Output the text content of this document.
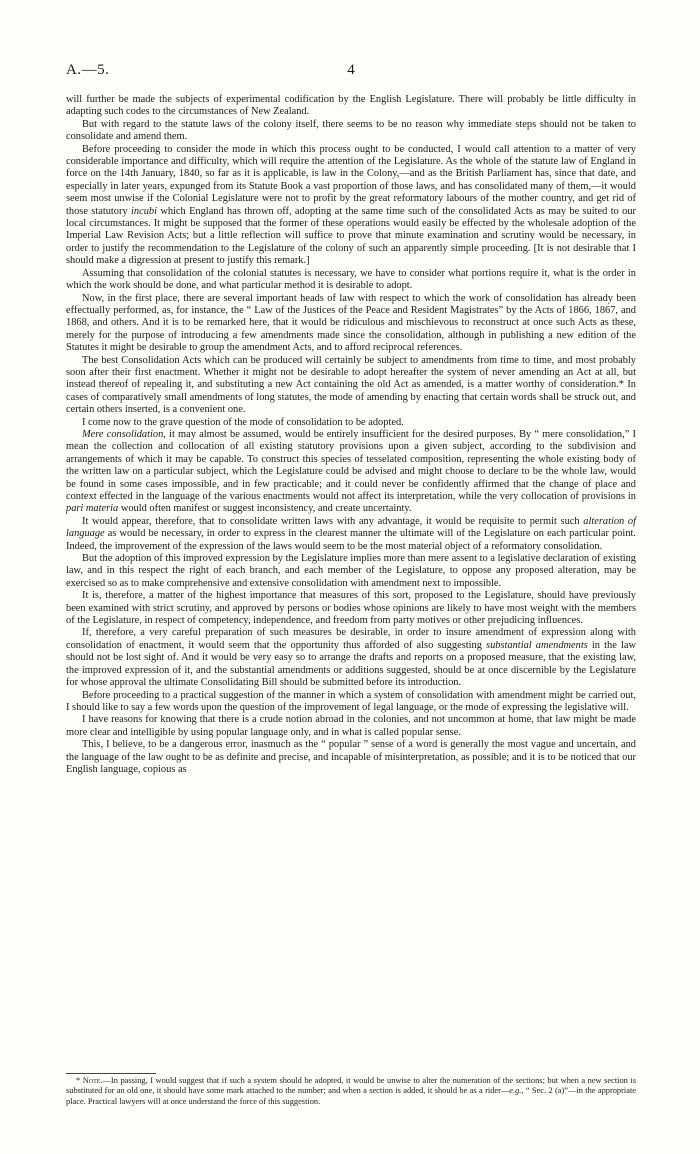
A.—5.	4

will further be made the subjects of experimental codification by the English Legislature. There will probably be little difficulty in adapting such codes to the circumstances of New Zealand.

But with regard to the statute laws of the colony itself, there seems to be no reason why immediate steps should not be taken to consolidate and amend them.

Before proceeding to consider the mode in which this process ought to be conducted, I would call attention to a matter of very considerable importance and difficulty, which will require the attention of the Legislature. As the whole of the statute law of England in force on the 14th January, 1840, so far as it is applicable, is law in the Colony,—and as the British Parliament has, since that date, and especially in later years, expunged from its Statute Book a vast proportion of those laws, and has consolidated many of them,—it would seem most unwise if the Colonial Legislature were not to profit by the great reformatory labours of the mother country, and get rid of those statutory incubi which England has thrown off, adopting at the same time such of the consolidated Acts as may be suited to our local circumstances. It might be supposed that the former of these operations would easily be effected by the wholesale adoption of the Imperial Law Revision Acts; but a little reflection will suffice to prove that minute examination and scrutiny would be necessary, in order to justify the recommendation to the Legislature of the colony of such an apparently simple proceeding. [It is not desirable that I should make a digression at present to justify this remark.]

Assuming that consolidation of the colonial statutes is necessary, we have to consider what portions require it, what is the order in which the work should be done, and what particular method it is desirable to adopt.

Now, in the first place, there are several important heads of law with respect to which the work of consolidation has already been effectually performed, as, for instance, the “ Law of the Justices of the Peace and Resident Magistrates” by the Acts of 1866, 1867, and 1868, and others. And it is to be remarked here, that it would be ridiculous and mischievous to reconstruct at once such Acts as these, merely for the purpose of introducing a few amendments made since the consolidation, although in publishing a new edition of the Statutes it might be desirable to group the amendment Acts, and to afford reciprocal references.

The best Consolidation Acts which can be produced will certainly be subject to amendments from time to time, and most probably soon after their first enactment. Whether it might not be desirable to adopt hereafter the system of never amending an Act at all, but instead thereof of repealing it, and substituting a new Act containing the old Act as amended, is a matter worthy of consideration.* In cases of comparatively small amendments of long statutes, the mode of amending by enacting that certain words shall be struck out, and certain others inserted, is a convenient one.

I come now to the grave question of the mode of consolidation to be adopted.

Mere consolidation, it may almost be assumed, would be entirely insufficient for the desired purposes. By “ mere consolidation,” I mean the collection and collocation of all existing statutory provisions upon a given subject, according to the subdivision and arrangements of which it may be capable. To construct this species of tesselated composition, representing the whole existing body of the written law on a particular subject, which the Legislature could be advised and might choose to declare to be the whole law, would be found in some cases impossible, and in few practicable; and it could never be confidently affirmed that the change of place and context effected in the language of the various enactments would not affect its interpretation, while the very collocation of provisions in pari materia would often manifest or suggest inconsistency, and create uncertainty.

It would appear, therefore, that to consolidate written laws with any advantage, it would be requisite to permit such alteration of language as would be necessary, in order to express in the clearest manner the ultimate will of the Legislature on each particular point. Indeed, the improvement of the expression of the laws would seem to be the most material object of a reformatory consolidation.

But the adoption of this improved expression by the Legislature implies more than mere assent to a legislative declaration of existing law, and in this respect the right of each branch, and each member of the Legislature, to oppose any proposed alteration, may be exercised so as to make comprehensive and extensive consolidation with amendment next to impossible.

It is, therefore, a matter of the highest importance that measures of this sort, proposed to the Legislature, should have previously been examined with strict scrutiny, and approved by persons or bodies whose opinions are likely to have most weight with the members of the Legislature, in respect of competency, independence, and freedom from party motives or other prejudicing influences.

If, therefore, a very careful preparation of such measures be desirable, in order to insure amendment of expression along with consolidation of enactment, it would seem that the opportunity thus afforded of also suggesting substantial amendments in the law should not be lost sight of. And it would be very easy so to arrange the drafts and reports on a proposed measure, that the existing law, the improved expression of it, and the substantial amendments or additions suggested, should be at once discernible by the Legislature for whose approval the ultimate Consolidating Bill should be submitted before its introduction.

Before proceeding to a practical suggestion of the manner in which a system of consolidation with amendment might be carried out, I should like to say a few words upon the question of the improvement of legal language, or the mode of expressing the legislative will.

I have reasons for knowing that there is a crude notion abroad in the colonies, and not uncommon at home, that law might be made more clear and intelligible by using popular language only, and in what is called popular sense.

This, I believe, to be a dangerous error, inasmuch as the “ popular ” sense of a word is generally the most vague and uncertain, and the language of the law ought to be as definite and precise, and incapable of misinterpretation, as possible; and it is to be noticed that our English language, copious as

* Note.—In passing, I would suggest that if such a system should be adopted, it would be unwise to alter the numeration of the sections; but when a new section is substituted for an old one, it should have some mark attached to the number; and when a section is added, it should be as a rider—e.g., “ Sec. 2 (a)”—in the appropriate place. Practical lawyers will at once understand the force of this suggestion.
